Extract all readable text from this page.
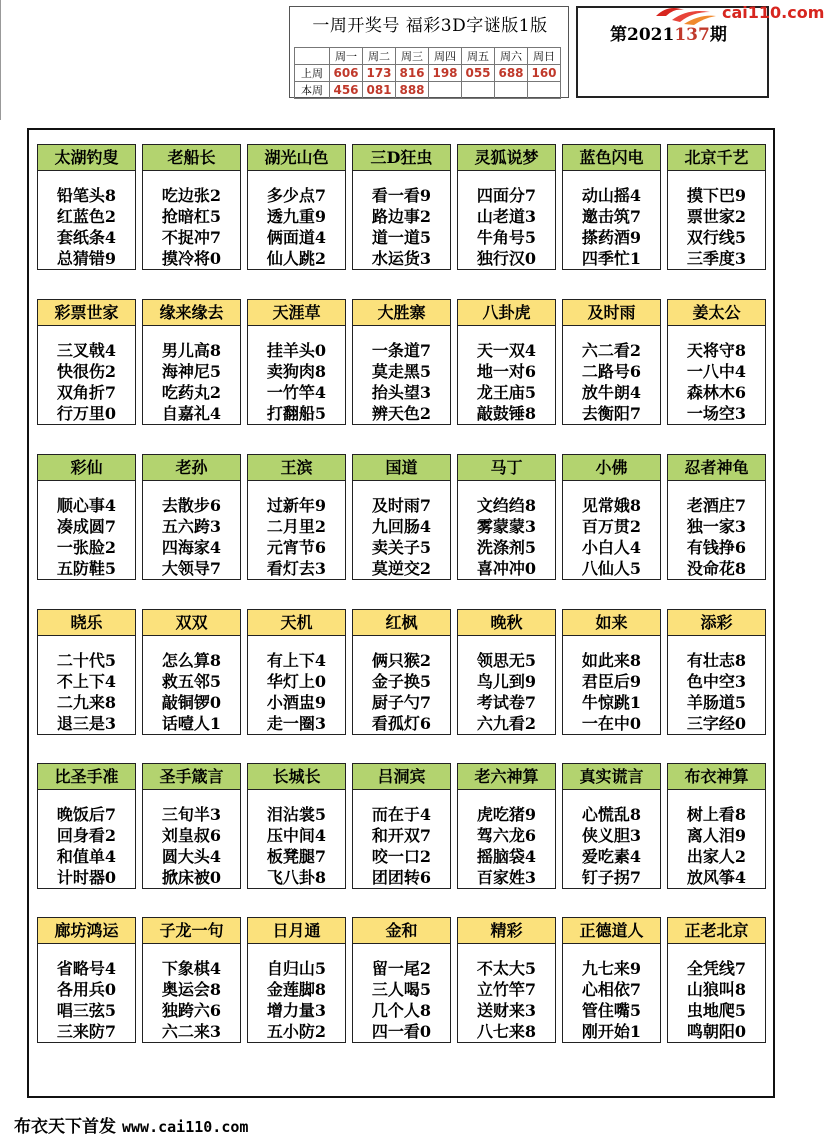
一周开奖号 福彩3D字谜版1版
	周一	周二	周三	周四	周五	周六	周日
上周	606	173	816	198	055	688	160
本周	456	081	888				
第2021137期
cai110.com
太湖钓叟
铅笔头8
红蓝色2
套纸条4
总猜错9
老船长
吃边张2
抢暗杠5
不捉冲7
摸冷将0
湖光山色
多少点7
透九重9
俩面道4
仙人跳2
三D狂虫
看一看9
路边事2
道一道5
水运货3
灵狐说梦
四面分7
山老道3
牛角号5
独行汉0
蓝色闪电
动山摇4
邀击筑7
搽药酒9
四季忙1
北京千艺
摸下巴9
票世家2
双行线5
三季度3
彩票世家
三叉戟4
快很伤2
双角折7
行万里0
缘来缘去
男儿高8
海神尼5
吃药丸2
自嘉礼4
天涯草
挂羊头0
卖狗肉8
一竹竿4
打翻船5
大胜寨
一条道7
莫走黑5
抬头望3
辨天色2
八卦虎
天一双4
地一对6
龙王庙5
敲鼓锤8
及时雨
六二看2
二路号6
放牛朗4
去衡阳7
姜太公
天将守8
一八中4
森林木6
一场空3
彩仙
顺心事4
凑成圆7
一张脸2
五防鞋5
老孙
去散步6
五六跨3
四海家4
大领导7
王滨
过新年9
二月里2
元宵节6
看灯去3
国道
及时雨7
九回肠4
卖关子5
莫逆交2
马丁
文绉绉8
雾蒙蒙3
洗涤剂5
喜冲冲0
小佛
见常娥8
百万贯2
小白人4
八仙人5
忍者神龟
老酒庄7
独一家3
有钱挣6
没命花8
晓乐
二十代5
不上下4
二九来8
退三是3
双双
怎么算8
救五邻5
敲铜锣0
话噎人1
天机
有上下4
华灯上0
小酒盅9
走一圈3
红枫
俩只猴2
金子换5
厨子勺7
看孤灯6
晚秋
领思无5
鸟儿到9
考试卷7
六九看2
如来
如此来8
君臣后9
牛惊跳1
一在中0
添彩
有壮志8
色中空3
羊肠道5
三字经0
比圣手准
晚饭后7
回身看2
和值单4
计时器0
圣手箴言
三旬半3
刘皇叔6
圆大头4
掀床被0
长城长
泪沾裳5
压中间4
板凳腿7
飞八卦8
吕洞宾
而在于4
和开双7
咬一口2
团团转6
老六神算
虎吃猪9
驾六龙6
摇脑袋4
百家姓3
真实谎言
心慌乱8
侠义胆3
爱吃素4
钉子拐7
布衣神算
树上看8
离人泪9
出家人2
放风筝4
廊坊鸿运
省略号4
各用兵0
唱三弦5
三来防7
子龙一句
下象棋4
奥运会8
独跨六6
六二来3
日月通
自归山5
金莲脚8
增力量3
五小防2
金和
留一尾2
三人喝5
几个人8
四一看0
精彩
不太大5
立竹竿7
送财来3
八七来8
正德道人
九七来9
心相依7
管住嘴5
刚开始1
正老北京
全凭线7
山狼叫8
虫地爬5
鸣朝阳0
布衣天下首发 www.cai110.com
